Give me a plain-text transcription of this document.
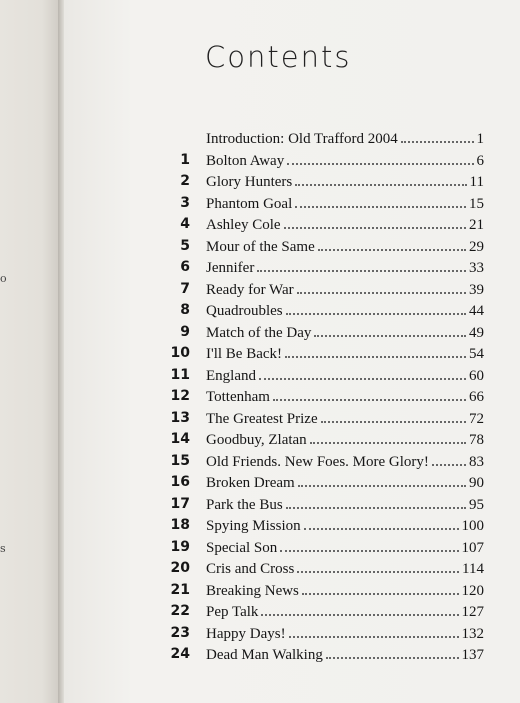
o
s
Contents
Introduction: Old Trafford 2004	1
1 Bolton Away	6
2 Glory Hunters	11
3 Phantom Goal	15
4 Ashley Cole	21
5 Mour of the Same	29
6 Jennifer	33
7 Ready for War	39
8 Quadroubles	44
9 Match of the Day	49
10 I'll Be Back!	54
11 England	60
12 Tottenham	66
13 The Greatest Prize	72
14 Goodbuy, Zlatan	78
15 Old Friends. New Foes. More Glory!	83
16 Broken Dream	90
17 Park the Bus	95
18 Spying Mission	100
19 Special Son	107
20 Cris and Cross	114
21 Breaking News	120
22 Pep Talk	127
23 Happy Days!	132
24 Dead Man Walking	137
